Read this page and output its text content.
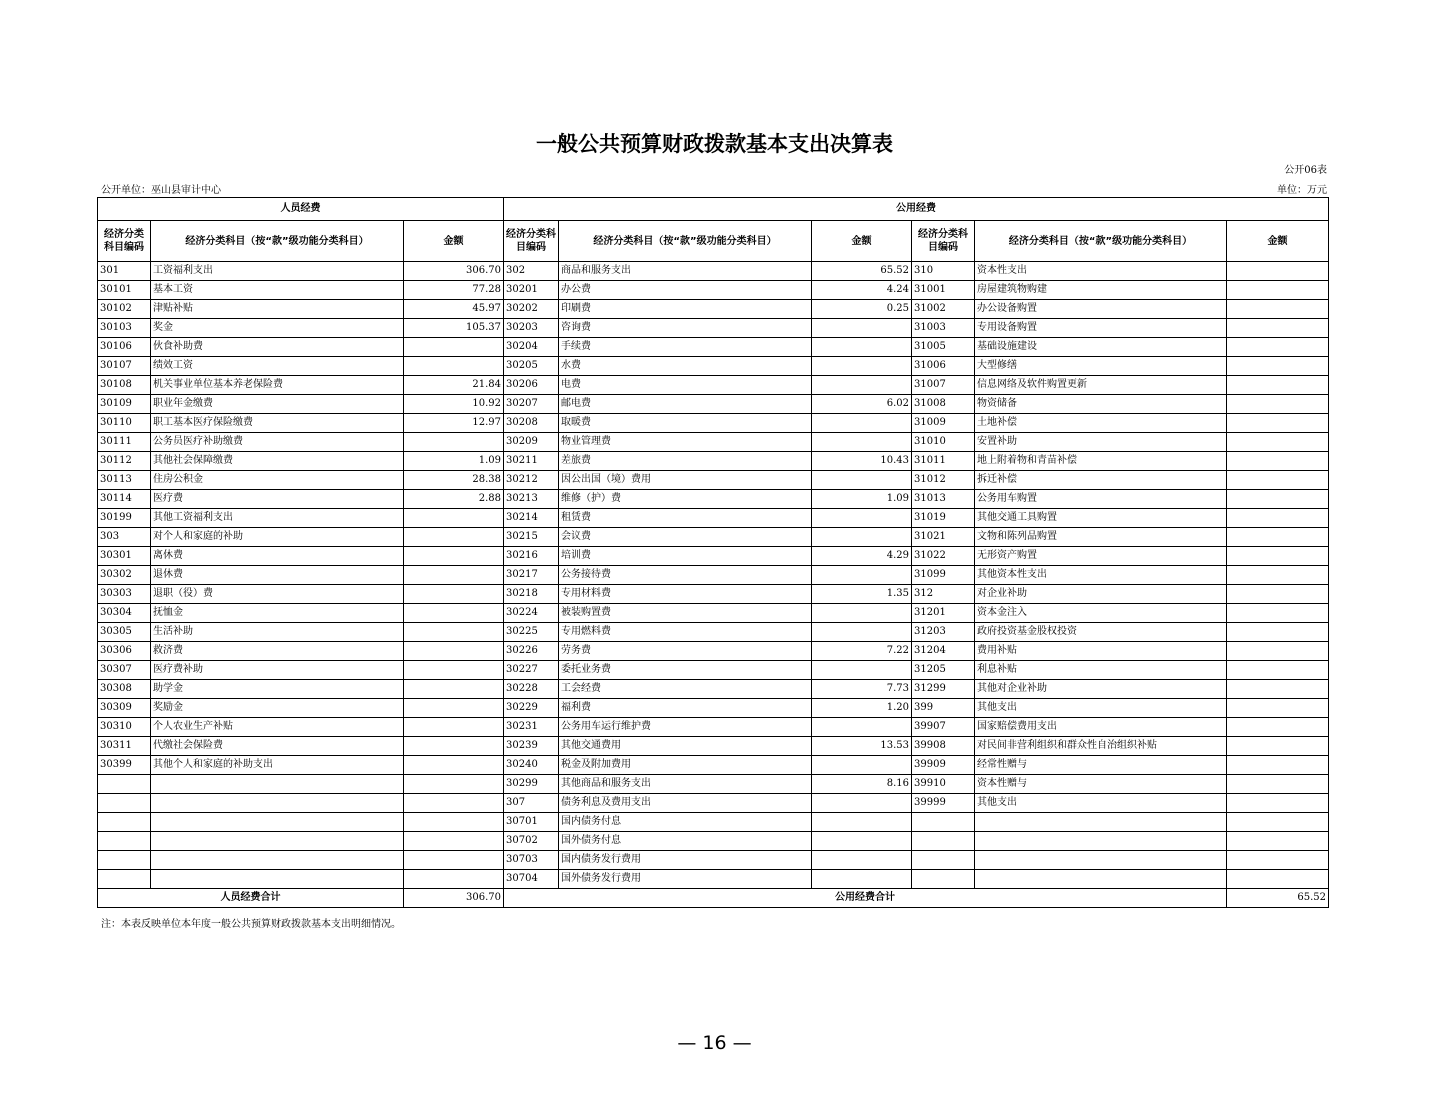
一般公共预算财政拨款基本支出决算表
公开06表
公开单位：巫山县审计中心	单位：万元
人员经费			公用经费					
经济分类科目编码	经济分类科目（按“款”级功能分类科目）	金额	经济分类科目编码	经济分类科目（按“款”级功能分类科目）	金额	经济分类科目编码	经济分类科目（按“款”级功能分类科目）	金额
301	工资福利支出	306.70	302	商品和服务支出	65.52	310	资本性支出	
30101	基本工资	77.28	30201	办公费	4.24	31001	房屋建筑物购建	
30102	津贴补贴	45.97	30202	印刷费	0.25	31002	办公设备购置	
30103	奖金	105.37	30203	咨询费		31003	专用设备购置	
30106	伙食补助费		30204	手续费		31005	基础设施建设	
30107	绩效工资		30205	水费		31006	大型修缮	
30108	机关事业单位基本养老保险费	21.84	30206	电费		31007	信息网络及软件购置更新	
30109	职业年金缴费	10.92	30207	邮电费	6.02	31008	物资储备	
30110	职工基本医疗保险缴费	12.97	30208	取暖费		31009	土地补偿	
30111	公务员医疗补助缴费		30209	物业管理费		31010	安置补助	
30112	其他社会保障缴费	1.09	30211	差旅费	10.43	31011	地上附着物和青苗补偿	
30113	住房公积金	28.38	30212	因公出国（境）费用		31012	拆迁补偿	
30114	医疗费	2.88	30213	维修（护）费	1.09	31013	公务用车购置	
30199	其他工资福利支出		30214	租赁费		31019	其他交通工具购置	
303	对个人和家庭的补助		30215	会议费		31021	文物和陈列品购置	
30301	离休费		30216	培训费	4.29	31022	无形资产购置	
30302	退休费		30217	公务接待费		31099	其他资本性支出	
30303	退职（役）费		30218	专用材料费	1.35	312	对企业补助	
30304	抚恤金		30224	被装购置费		31201	资本金注入	
30305	生活补助		30225	专用燃料费		31203	政府投资基金股权投资	
30306	救济费		30226	劳务费	7.22	31204	费用补贴	
30307	医疗费补助		30227	委托业务费		31205	利息补贴	
30308	助学金		30228	工会经费	7.73	31299	其他对企业补助	
30309	奖励金		30229	福利费	1.20	399	其他支出	
30310	个人农业生产补贴		30231	公务用车运行维护费		39907	国家赔偿费用支出	
30311	代缴社会保险费		30239	其他交通费用	13.53	39908	对民间非营利组织和群众性自治组织补贴	
30399	其他个人和家庭的补助支出		30240	税金及附加费用		39909	经常性赠与	
			30299	其他商品和服务支出	8.16	39910	资本性赠与	
			307	债务利息及费用支出		39999	其他支出	
			30701	国内债务付息				
			30702	国外债务付息				
			30703	国内债务发行费用				
			30704	国外债务发行费用				
人员经费合计		306.70	公用经费合计					65.52
注：本表反映单位本年度一般公共预算财政拨款基本支出明细情况。
— 16 —
